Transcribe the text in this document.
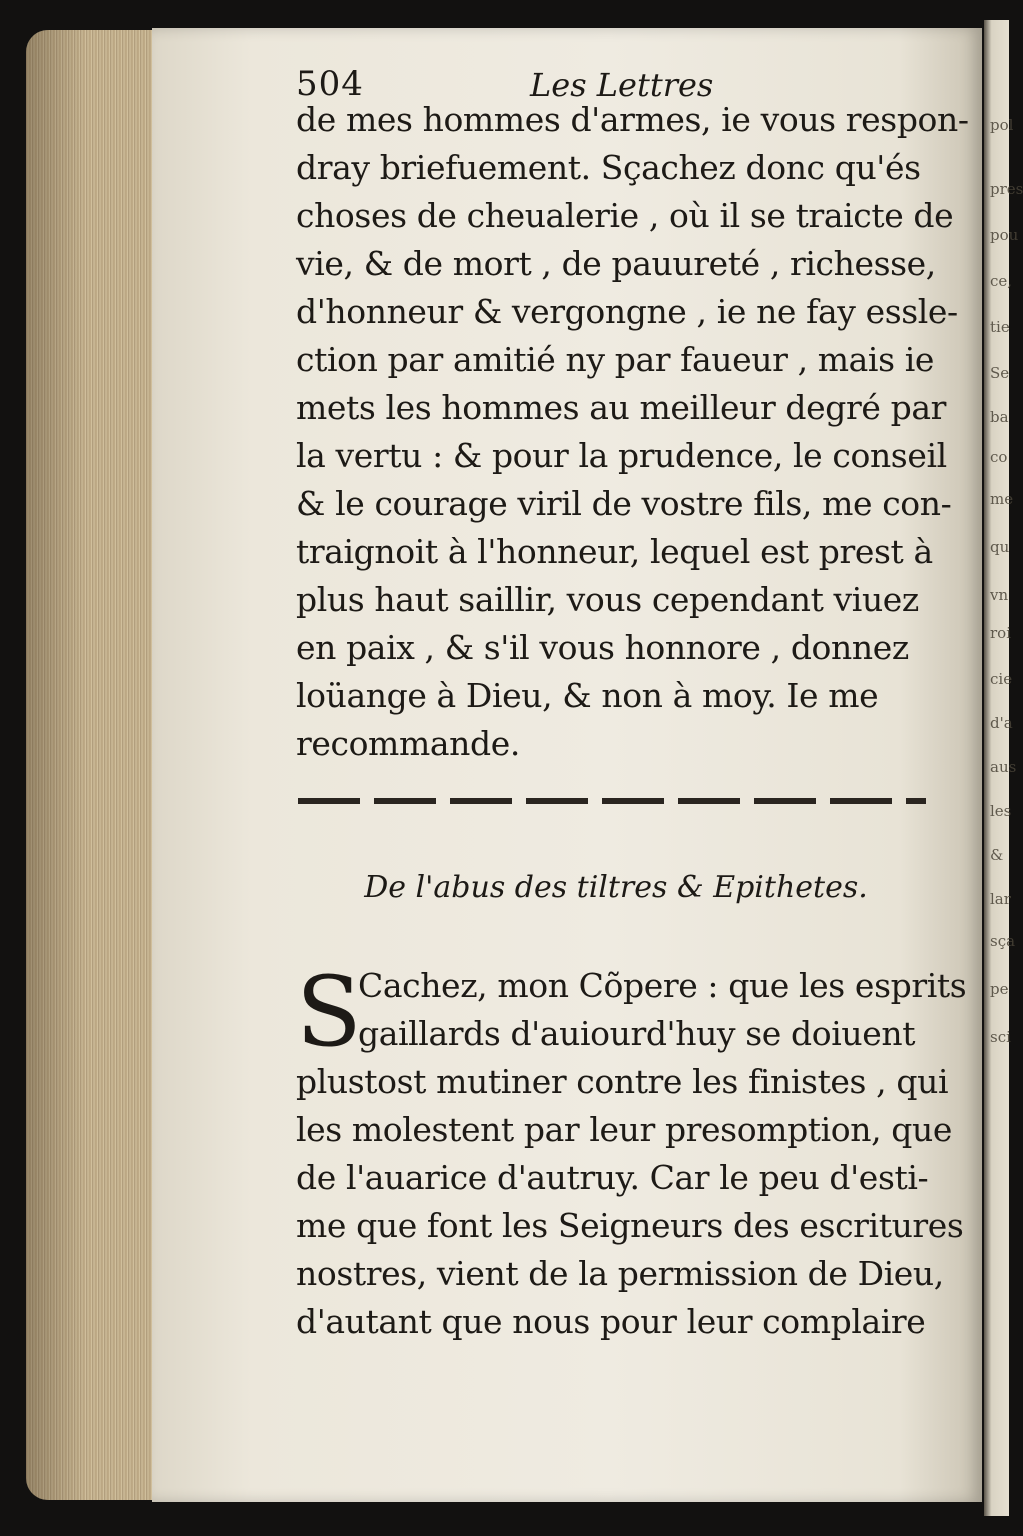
pol
pres
pou
ce,
tie
Se
ba
co
me
qu
vn
roi
cie
d'a
aus
les
&
lar
sça
pe
sci
504	Les Lettres
de mes hommes d'armes, ie vous respon-
dray briefuement. Sçachez donc qu'és
choses de cheualerie , où il se traicte de
vie, & de mort , de pauureté , richesse,
d'honneur & vergongne , ie ne fay essle-
ction par amitié ny par faueur , mais ie
mets les hommes au meilleur degré par
la vertu : & pour la prudence, le conseil
& le courage viril de vostre fils, me con-
traignoit à l'honneur, lequel est prest à
plus haut saillir, vous cependant viuez
en paix , & s'il vous honnore , donnez
loüange à Dieu, & non à moy. Ie me
recommande.
De l'abus des tiltres & Epithetes.
S
Cachez, mon Cõpere : que les esprits
gaillards d'auiourd'huy se doiuent
plustost mutiner contre les finistes , qui
les molestent par leur presomption, que
de l'auarice d'autruy. Car le peu d'esti-
me que font les Seigneurs des escritures
nostres, vient de la permission de Dieu,
d'autant que nous pour leur complaire
